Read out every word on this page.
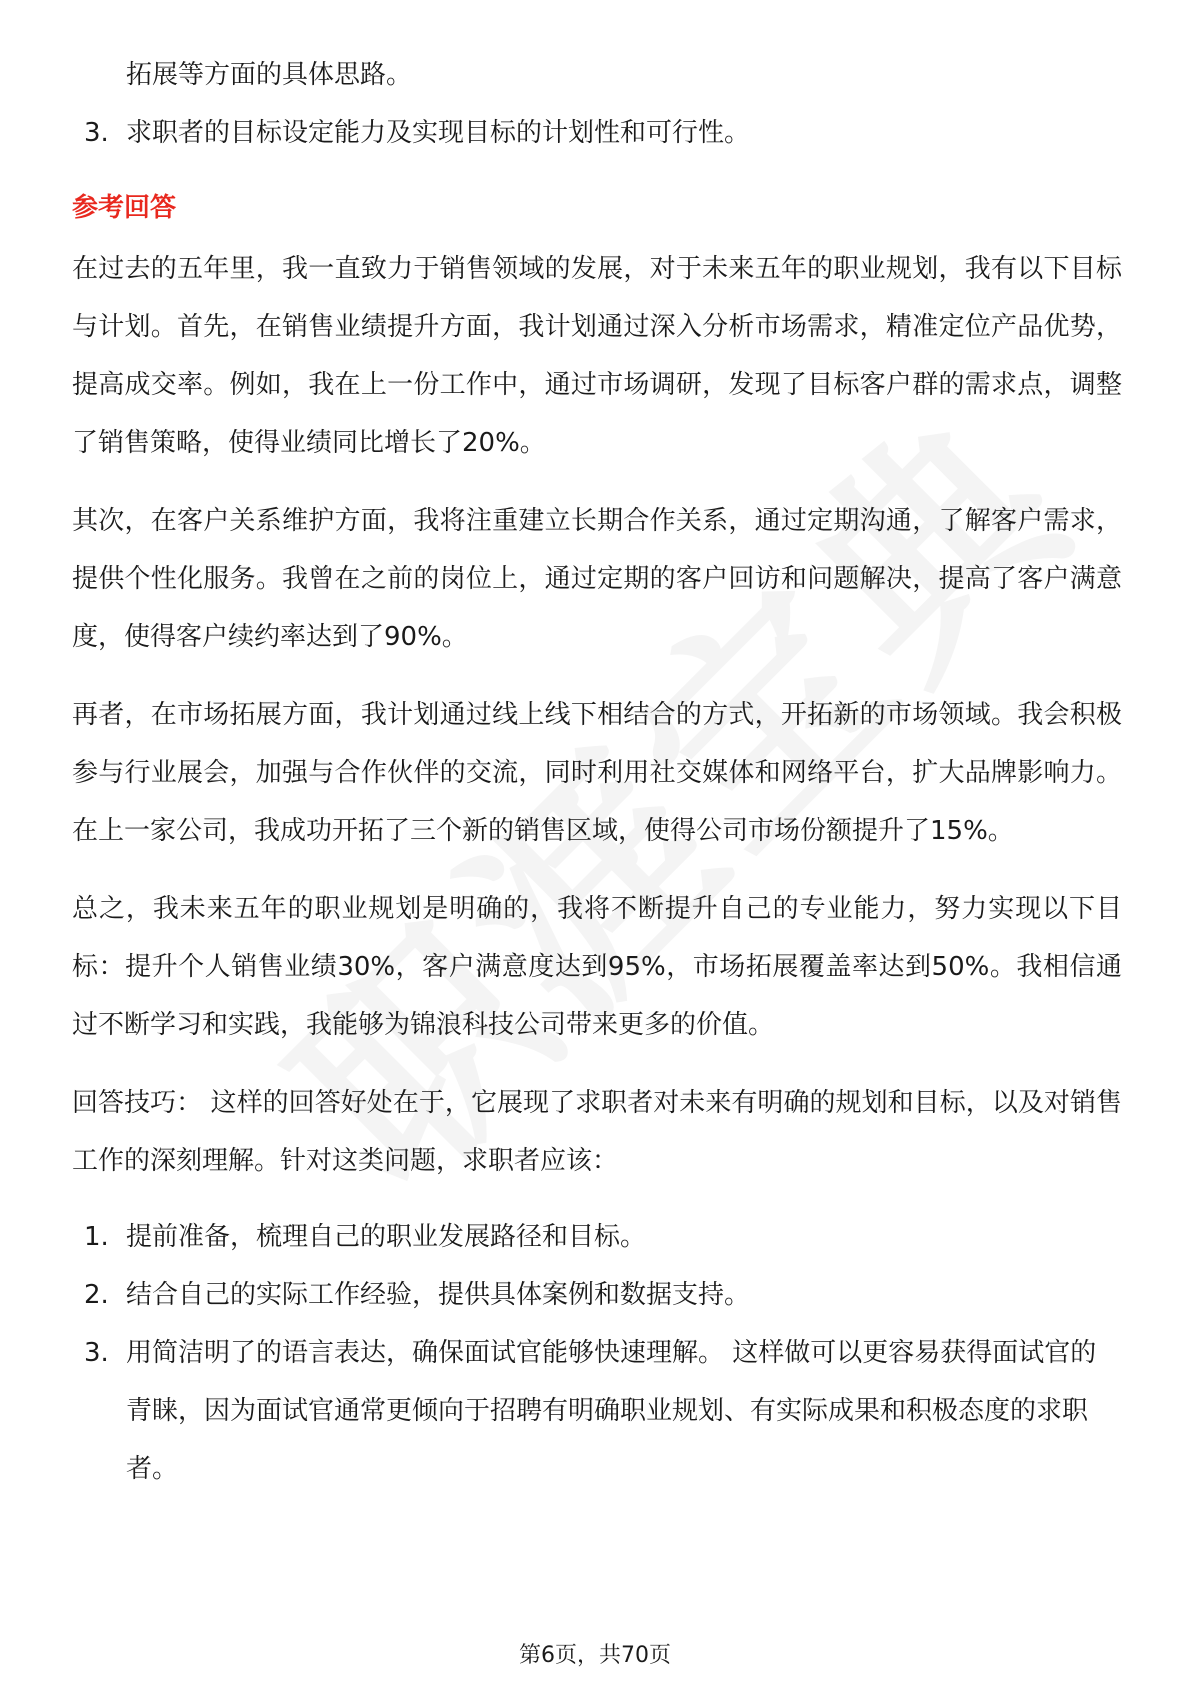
拓展等方面的具体思路。
3. 求职者的目标设定能力及实现目标的计划性和可行性。
参考回答
在过去的五年里，我一直致力于销售领域的发展，对于未来五年的职业规划，我有以下目标与计划。首先，在销售业绩提升方面，我计划通过深入分析市场需求，精准定位产品优势，提高成交率。例如，我在上一份工作中，通过市场调研，发现了目标客户群的需求点，调整了销售策略，使得业绩同比增长了20%。
其次，在客户关系维护方面，我将注重建立长期合作关系，通过定期沟通，了解客户需求，提供个性化服务。我曾在之前的岗位上，通过定期的客户回访和问题解决，提高了客户满意度，使得客户续约率达到了90%。
再者，在市场拓展方面，我计划通过线上线下相结合的方式，开拓新的市场领域。我会积极参与行业展会，加强与合作伙伴的交流，同时利用社交媒体和网络平台，扩大品牌影响力。在上一家公司，我成功开拓了三个新的销售区域，使得公司市场份额提升了15%。
总之，我未来五年的职业规划是明确的，我将不断提升自己的专业能力，努力实现以下目标：提升个人销售业绩30%，客户满意度达到95%，市场拓展覆盖率达到50%。我相信通过不断学习和实践，我能够为锦浪科技公司带来更多的价值。
回答技巧： 这样的回答好处在于，它展现了求职者对未来有明确的规划和目标，以及对销售工作的深刻理解。针对这类问题，求职者应该：
1. 提前准备，梳理自己的职业发展路径和目标。
2. 结合自己的实际工作经验，提供具体案例和数据支持。
3. 用简洁明了的语言表达，确保面试官能够快速理解。 这样做可以更容易获得面试官的青睐，因为面试官通常更倾向于招聘有明确职业规划、有实际成果和积极态度的求职者。
第6页，共70页
